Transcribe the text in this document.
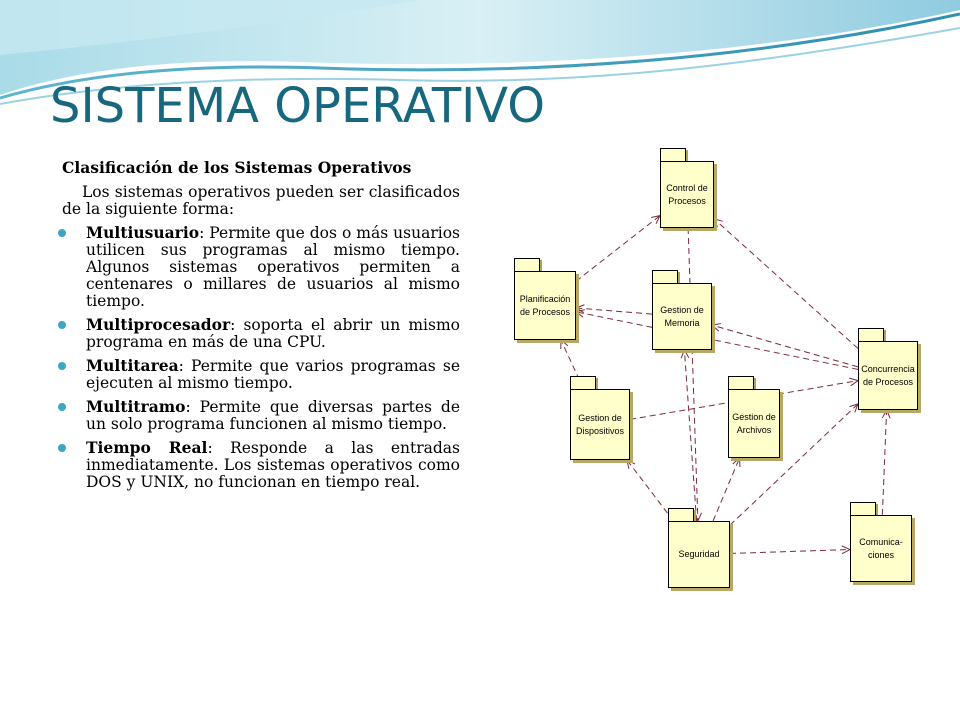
SISTEMA OPERATIVO

Clasificación de los Sistemas Operativos

Los sistemas operativos pueden ser clasificados de la siguiente forma:

Multiusuario: Permite que dos o más usuarios utilicen sus programas al mismo tiempo. Algunos sistemas operativos permiten a centenares o millares de usuarios al mismo tiempo.
Multiprocesador: soporta el abrir un mismo programa en más de una CPU.
Multitarea: Permite que varios programas se ejecuten al mismo tiempo.
Multitramo: Permite que diversas partes de un solo programa funcionen al mismo tiempo.
Tiempo Real: Responde a las entradas inmediatamente. Los sistemas operativos como DOS y UNIX, no funcionan en tiempo real.
Control de Procesos
Planificación de Procesos	Gestion de Memoria
Concurrencia de Procesos
Gestion de Dispositivos
Gestion de Archivos
Seguridad
Comunica- ciones
